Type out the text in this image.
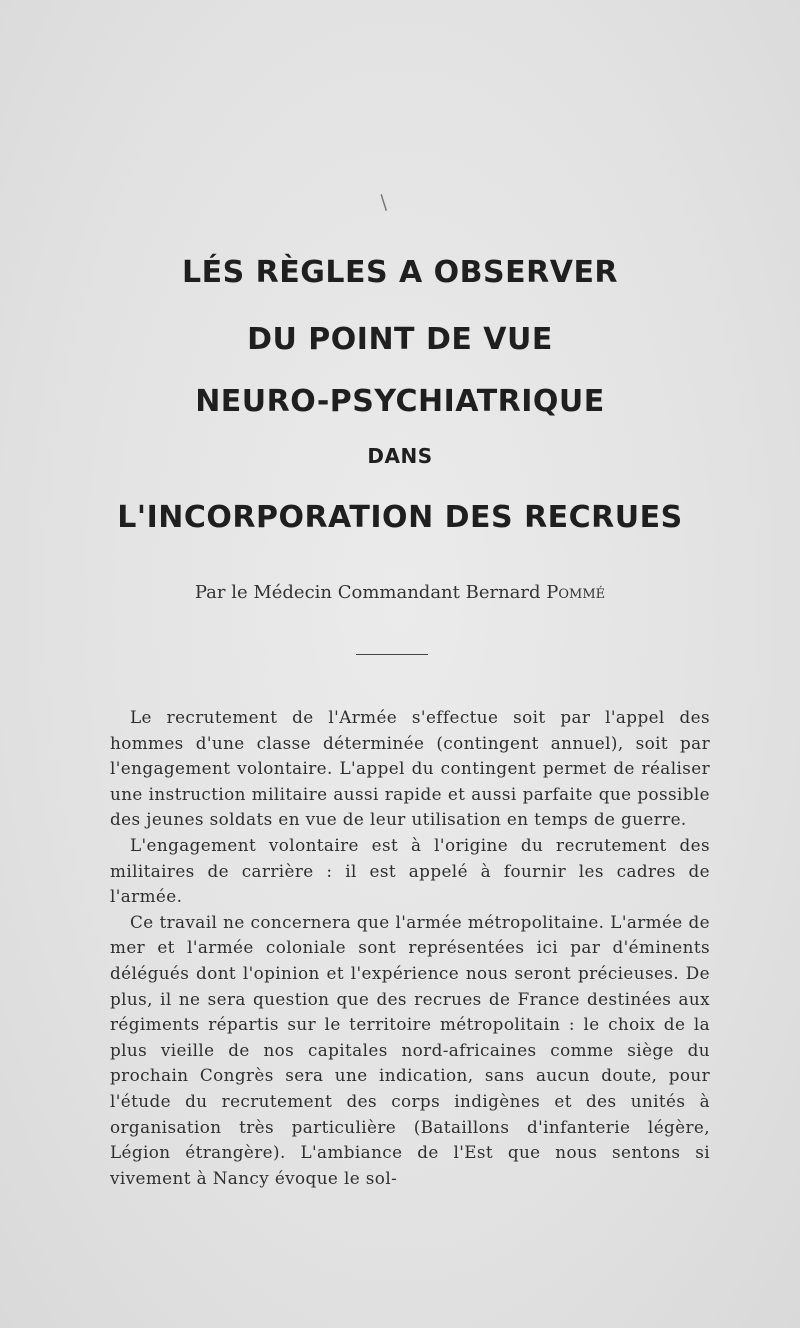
/
LÉS RÈGLES A OBSERVER
DU POINT DE VUE
NEURO-PSYCHIATRIQUE
DANS
L'INCORPORATION DES RECRUES
Par le Médecin Commandant Bernard Pommé

Le recrutement de l'Armée s'effectue soit par l'appel des hommes d'une classe déterminée (contingent annuel), soit par l'engagement volontaire. L'appel du contingent permet de réaliser une instruction militaire aussi rapide et aussi parfaite que possible des jeunes soldats en vue de leur utilisation en temps de guerre.

L'engagement volontaire est à l'origine du recrutement des militaires de carrière : il est appelé à fournir les cadres de l'armée.

Ce travail ne concernera que l'armée métropolitaine. L'armée de mer et l'armée coloniale sont représentées ici par d'éminents délégués dont l'opinion et l'expérience nous seront précieuses. De plus, il ne sera question que des recrues de France destinées aux régiments répartis sur le territoire métropolitain : le choix de la plus vieille de nos capitales nord-africaines comme siège du prochain Congrès sera une indication, sans aucun doute, pour l'étude du recrutement des corps indigènes et des unités à organisation très particulière (Bataillons d'infanterie légère, Légion étrangère). L'ambiance de l'Est que nous sentons si vivement à Nancy évoque le sol-
